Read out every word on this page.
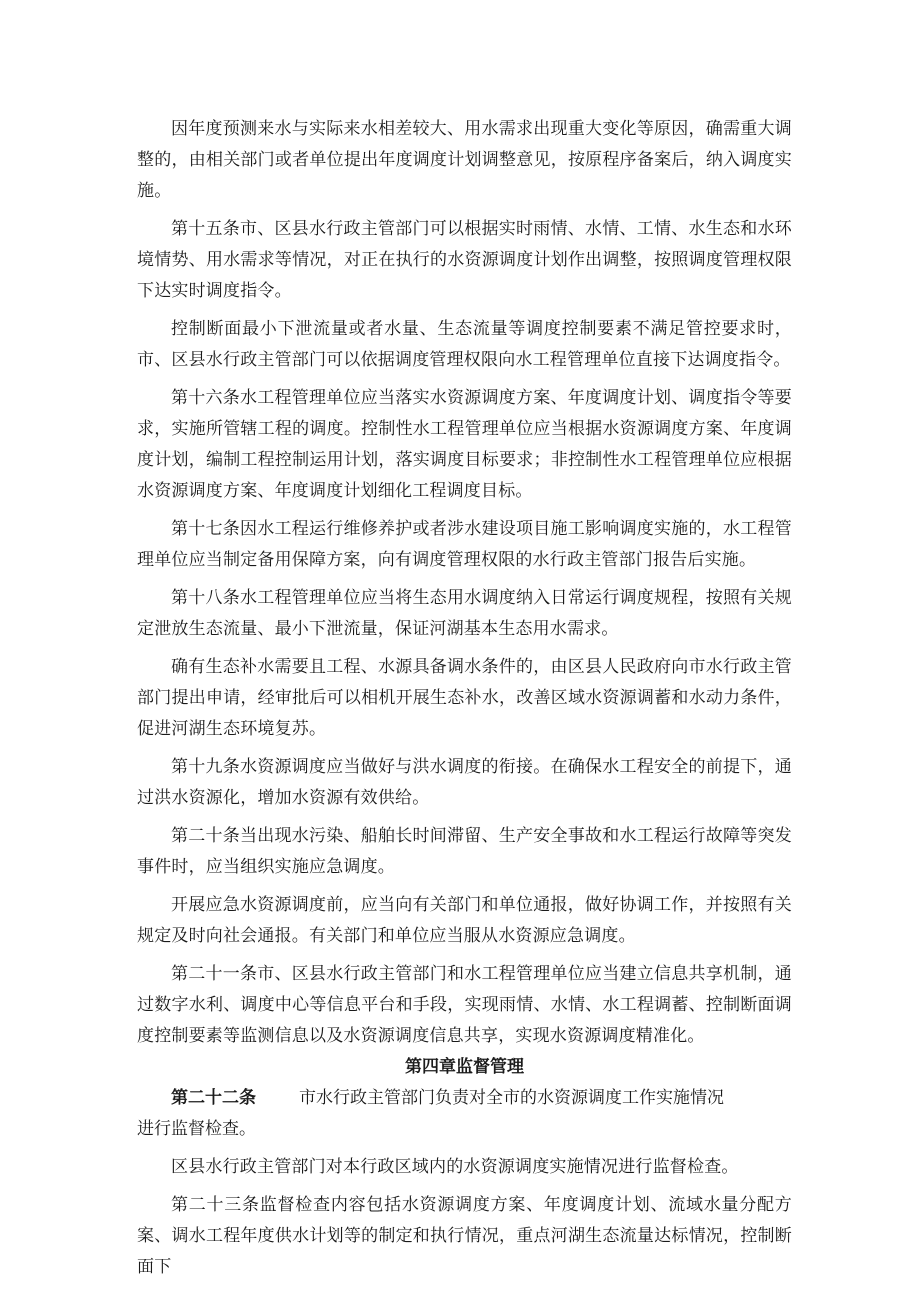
因年度预测来水与实际来水相差较大、用水需求出现重大变化等原因，确需重大调整的，由相关部门或者单位提出年度调度计划调整意见，按原程序备案后，纳入调度实施。

第十五条市、区县水行政主管部门可以根据实时雨情、水情、工情、水生态和水环境情势、用水需求等情况，对正在执行的水资源调度计划作出调整，按照调度管理权限下达实时调度指令。

控制断面最小下泄流量或者水量、生态流量等调度控制要素不满足管控要求时，市、区县水行政主管部门可以依据调度管理权限向水工程管理单位直接下达调度指令。

第十六条水工程管理单位应当落实水资源调度方案、年度调度计划、调度指令等要求，实施所管辖工程的调度。控制性水工程管理单位应当根据水资源调度方案、年度调度计划，编制工程控制运用计划，落实调度目标要求；非控制性水工程管理单位应根据水资源调度方案、年度调度计划细化工程调度目标。

第十七条因水工程运行维修养护或者涉水建设项目施工影响调度实施的，水工程管理单位应当制定备用保障方案，向有调度管理权限的水行政主管部门报告后实施。

第十八条水工程管理单位应当将生态用水调度纳入日常运行调度规程，按照有关规定泄放生态流量、最小下泄流量，保证河湖基本生态用水需求。

确有生态补水需要且工程、水源具备调水条件的，由区县人民政府向市水行政主管部门提出申请，经审批后可以相机开展生态补水，改善区域水资源调蓄和水动力条件，促进河湖生态环境复苏。

第十九条水资源调度应当做好与洪水调度的衔接。在确保水工程安全的前提下，通过洪水资源化，增加水资源有效供给。

第二十条当出现水污染、船舶长时间滞留、生产安全事故和水工程运行故障等突发事件时，应当组织实施应急调度。

开展应急水资源调度前，应当向有关部门和单位通报，做好协调工作，并按照有关规定及时向社会通报。有关部门和单位应当服从水资源应急调度。

第二十一条市、区县水行政主管部门和水工程管理单位应当建立信息共享机制，通过数字水利、调度中心等信息平台和手段，实现雨情、水情、水工程调蓄、控制断面调度控制要素等监测信息以及水资源调度信息共享，实现水资源调度精准化。

第四章监督管理

第二十二条	市水行政主管部门负责对全市的水资源调度工作实施情况

进行监督检查。

区县水行政主管部门对本行政区域内的水资源调度实施情况进行监督检查。

第二十三条监督检查内容包括水资源调度方案、年度调度计划、流域水量分配方案、调水工程年度供水计划等的制定和执行情况，重点河湖生态流量达标情况，控制断面下
